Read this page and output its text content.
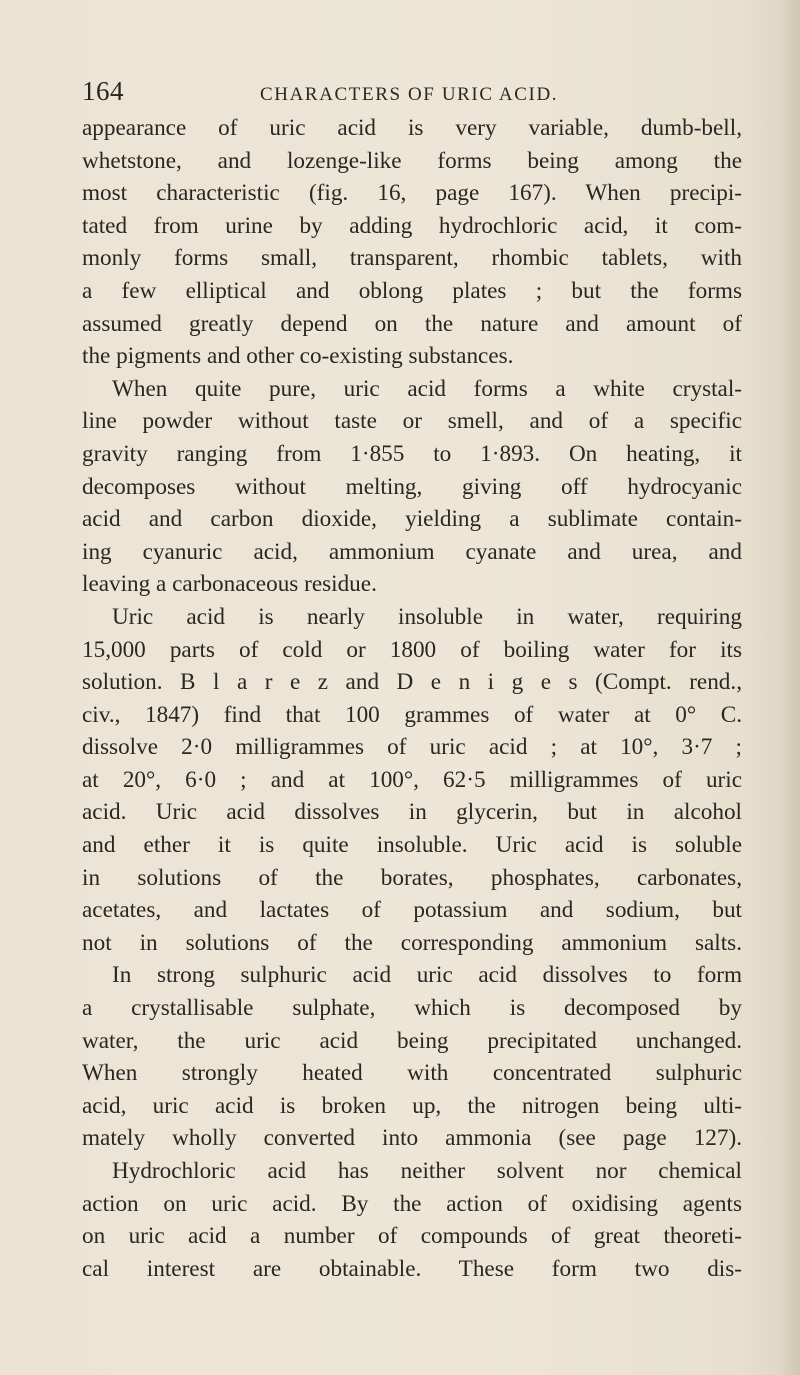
164	CHARACTERS OF URIC ACID.
appearance of uric acid is very variable, dumb-bell,
whetstone, and lozenge-like forms being among the
most characteristic (fig. 16, page 167). When precipi-
tated from urine by adding hydrochloric acid, it com-
monly forms small, transparent, rhombic tablets, with
a few elliptical and oblong plates ; but the forms
assumed greatly depend on the nature and amount of
the pigments and other co-existing substances.
When quite pure, uric acid forms a white crystal-
line powder without taste or smell, and of a specific
gravity ranging from 1·855 to 1·893. On heating, it
decomposes without melting, giving off hydrocyanic
acid and carbon dioxide, yielding a sublimate contain-
ing cyanuric acid, ammonium cyanate and urea, and
leaving a carbonaceous residue.
Uric acid is nearly insoluble in water, requiring
15,000 parts of cold or 1800 of boiling water for its
solution. B l a r e z and D e n i g e s (Compt. rend.,
civ., 1847) find that 100 grammes of water at 0° C.
dissolve 2·0 milligrammes of uric acid ; at 10°, 3·7 ;
at 20°, 6·0 ; and at 100°, 62·5 milligrammes of uric
acid. Uric acid dissolves in glycerin, but in alcohol
and ether it is quite insoluble. Uric acid is soluble
in solutions of the borates, phosphates, carbonates,
acetates, and lactates of potassium and sodium, but
not in solutions of the corresponding ammonium salts.
In strong sulphuric acid uric acid dissolves to form
a crystallisable sulphate, which is decomposed by
water, the uric acid being precipitated unchanged.
When strongly heated with concentrated sulphuric
acid, uric acid is broken up, the nitrogen being ulti-
mately wholly converted into ammonia (see page 127).
Hydrochloric acid has neither solvent nor chemical
action on uric acid. By the action of oxidising agents
on uric acid a number of compounds of great theoreti-
cal interest are obtainable. These form two dis-
